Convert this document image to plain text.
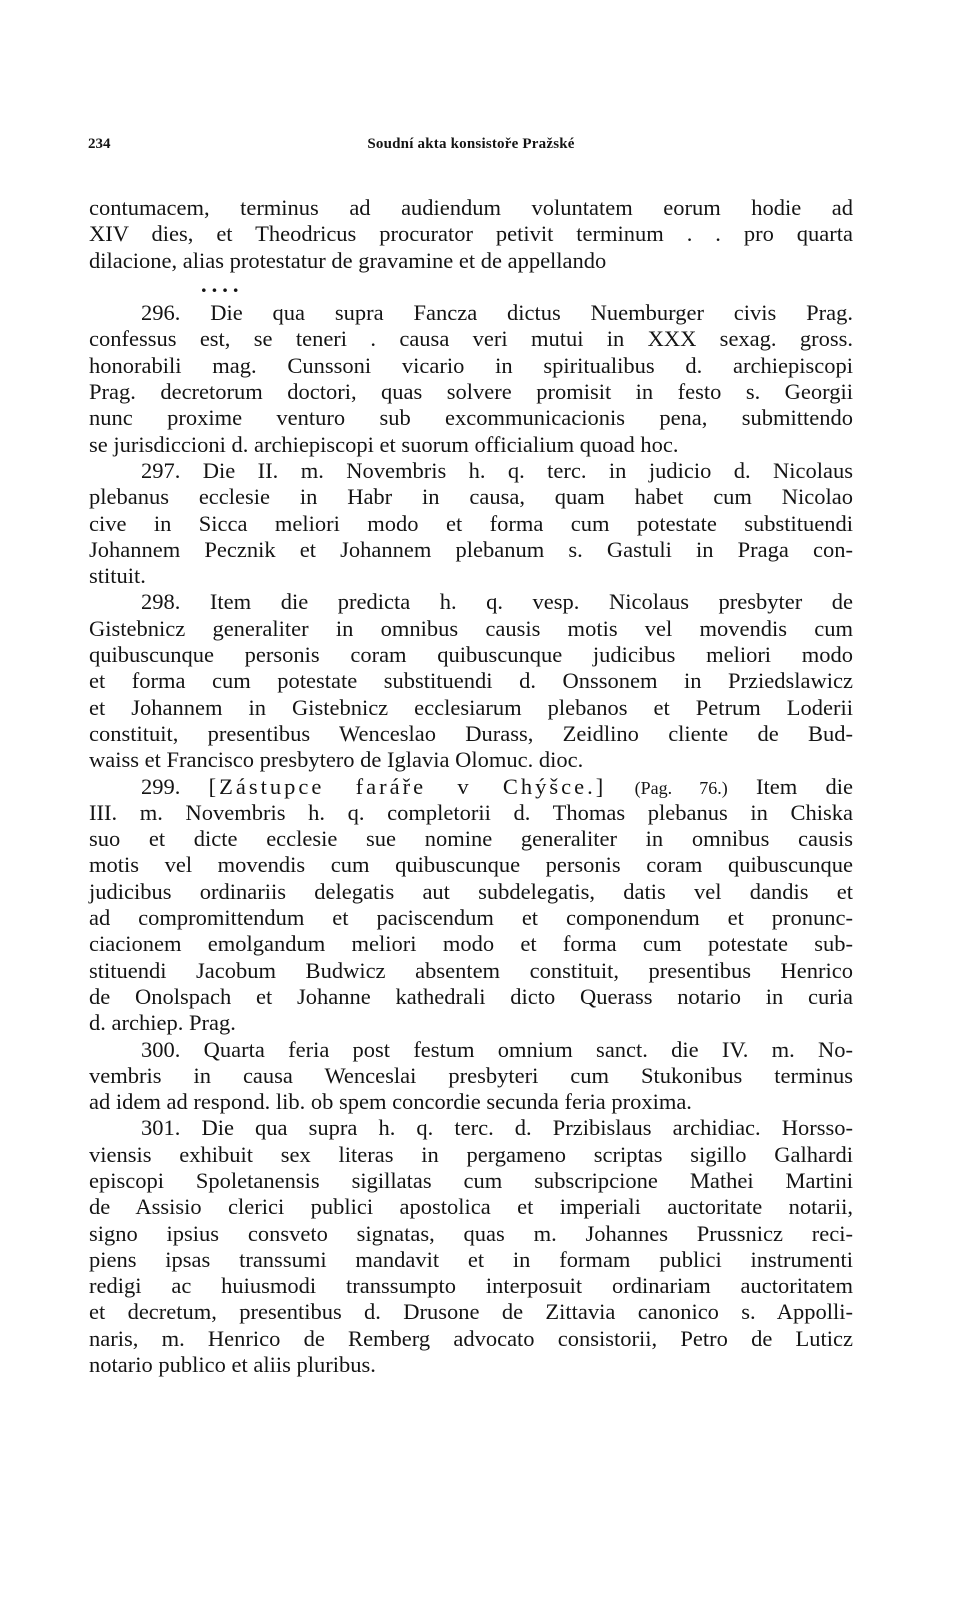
234	Soudní akta konsistoře Pražské
contumacem, terminus ad audiendum voluntatem eorum hodie ad
XIV dies, et Theodricus procurator petivit terminum . . pro quarta
dilacione, alias protestatur de gravamine et de appellando
....
296. Die qua supra Fancza dictus Nuemburger civis Prag.
confessus est, se teneri . causa veri mutui in XXX sexag. gross.
honorabili mag. Cunssoni vicario in spiritualibus d. archiepiscopi
Prag. decretorum doctori, quas solvere promisit in festo s. Georgii
nunc proxime venturo sub excommunicacionis pena, submittendo
se jurisdiccioni d. archiepiscopi et suorum officialium quoad hoc.
297. Die II. m. Novembris h. q. terc. in judicio d. Nicolaus
plebanus ecclesie in Habr in causa, quam habet cum Nicolao
cive in Sicca meliori modo et forma cum potestate substituendi
Johannem Pecznik et Johannem plebanum s. Gastuli in Praga con-
stituit.
298. Item die predicta h. q. vesp. Nicolaus presbyter de
Gistebnicz generaliter in omnibus causis motis vel movendis cum
quibuscunque personis coram quibuscunque judicibus meliori modo
et forma cum potestate substituendi d. Onssonem in Prziedslawicz
et Johannem in Gistebnicz ecclesiarum plebanos et Petrum Loderii
constituit, presentibus Wenceslao Durass, Zeidlino cliente de Bud-
waiss et Francisco presbytero de Iglavia Olomuc. dioc.
299. [Zástupce faráře v Chýšce.] (Pag. 76.) Item die
III. m. Novembris h. q. completorii d. Thomas plebanus in Chiska
suo et dicte ecclesie sue nomine generaliter in omnibus causis
motis vel movendis cum quibuscunque personis coram quibuscunque
judicibus ordinariis delegatis aut subdelegatis, datis vel dandis et
ad compromittendum et paciscendum et componendum et pronunc-
ciacionem emolgandum meliori modo et forma cum potestate sub-
stituendi Jacobum Budwicz absentem constituit, presentibus Henrico
de Onolspach et Johanne kathedrali dicto Querass notario in curia
d. archiep. Prag.
300. Quarta feria post festum omnium sanct. die IV. m. No-
vembris in causa Wenceslai presbyteri cum Stukonibus terminus
ad idem ad respond. lib. ob spem concordie secunda feria proxima.
301. Die qua supra h. q. terc. d. Przibislaus archidiac. Horsso-
viensis exhibuit sex literas in pergameno scriptas sigillo Galhardi
episcopi Spoletanensis sigillatas cum subscripcione Mathei Martini
de Assisio clerici publici apostolica et imperiali auctoritate notarii,
signo ipsius consveto signatas, quas m. Johannes Prussnicz reci-
piens ipsas transsumi mandavit et in formam publici instrumenti
redigi ac huiusmodi transsumpto interposuit ordinariam auctoritatem
et decretum, presentibus d. Drusone de Zittavia canonico s. Appolli-
naris, m. Henrico de Remberg advocato consistorii, Petro de Luticz
notario publico et aliis pluribus.
